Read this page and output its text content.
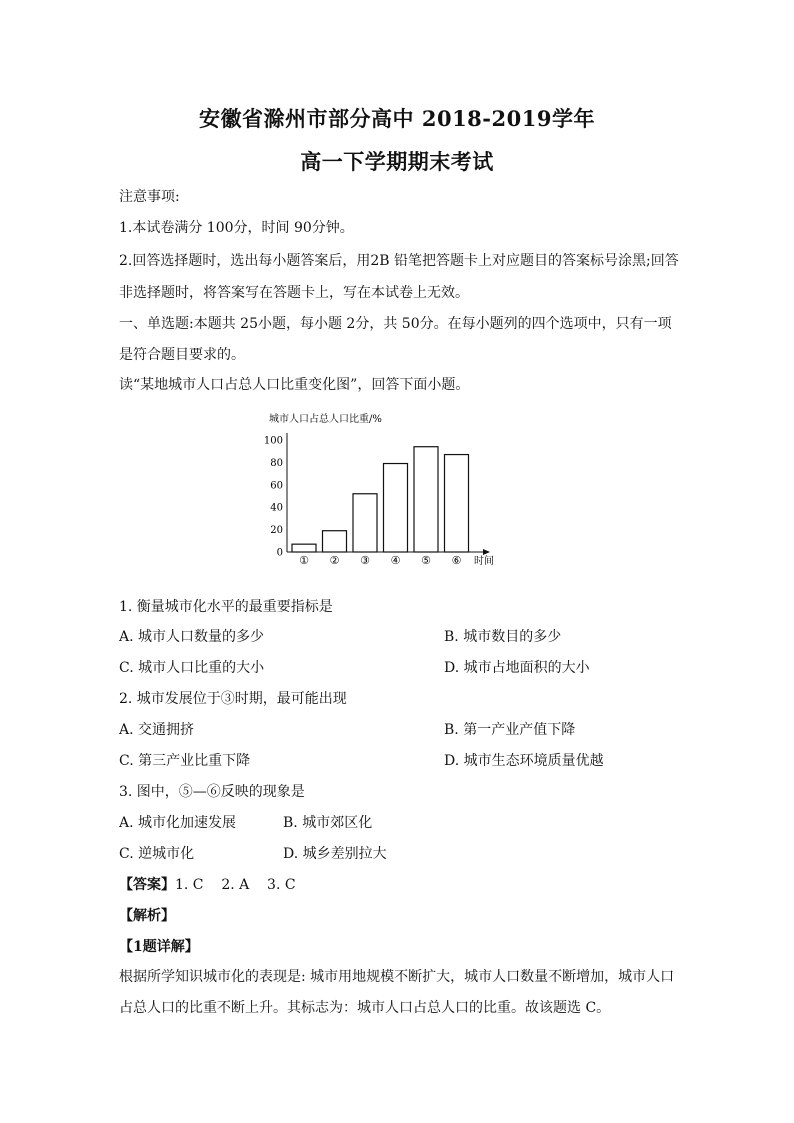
安徽省滁州市部分高中 2018-2019学年
高一下学期期末考试
注意事项:
1.本试卷满分 100分，时间 90分钟。
2.回答选择题时，选出每小题答案后，用2B 铅笔把答题卡上对应题目的答案标号涂黑;回答
非选择题时，将答案写在答题卡上，写在本试卷上无效。
一、单选题:本题共 25小题，每小题 2分，共 50分。在每小题列的四个选项中，只有一项
是符合题目要求的。
读“某地城市人口占总人口比重变化图”，回答下面小题。
城市人口占总人口比重/%
时间
0
20
40
60
80
100
① ② ③ ④ ⑤ ⑥
1. 衡量城市化水平的最重要指标是
A. 城市人口数量的多少	B. 城市数目的多少
C. 城市人口比重的大小	D. 城市占地面积的大小
2. 城市发展位于③时期，最可能出现
A. 交通拥挤	B. 第一产业产值下降
C. 第三产业比重下降	D. 城市生态环境质量优越
3. 图中，⑤—⑥反映的现象是
A. 城市化加速发展	B. 城市郊区化
C. 逆城市化	D. 城乡差别拉大
【答案】1. C    2. A    3. C
【解析】
【1题详解】
根据所学知识城市化的表现是: 城市用地规模不断扩大，城市人口数量不断增加，城市人口
占总人口的比重不断上升。其标志为：城市人口占总人口的比重。故该题选 C。
